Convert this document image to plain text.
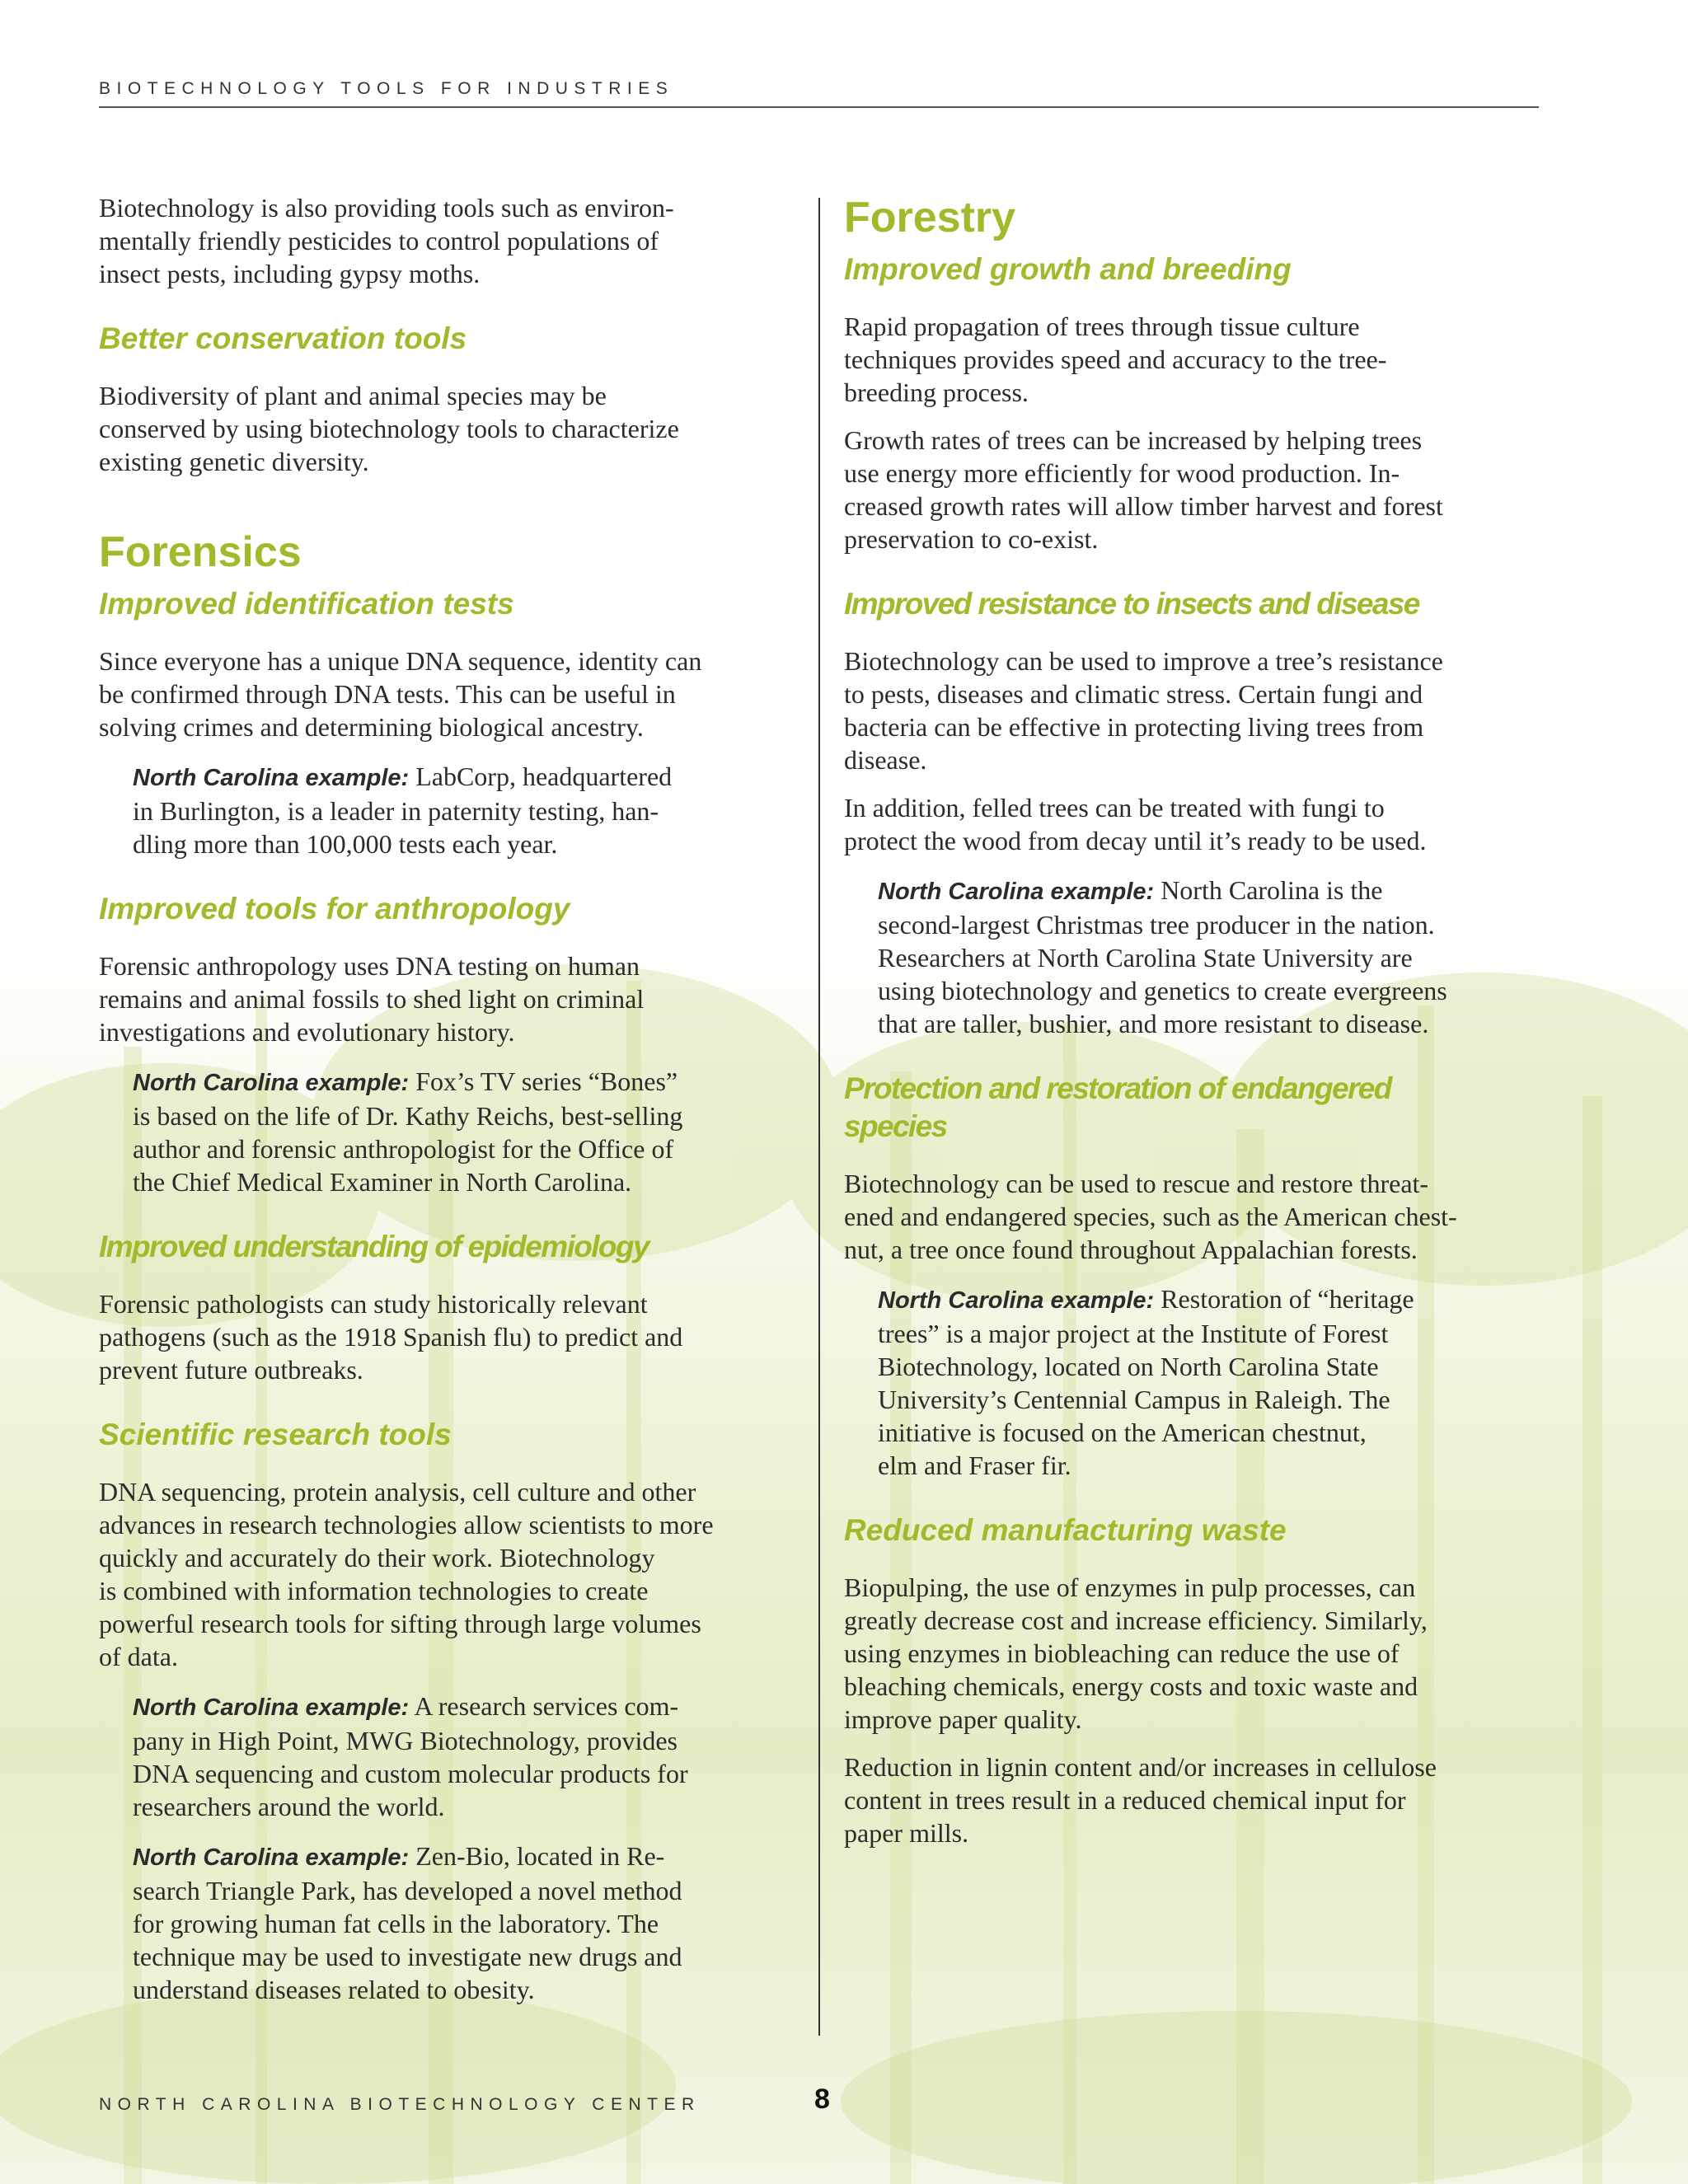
BIOTECHNOLOGY TOOLS FOR INDUSTRIES

Biotechnology is also providing tools such as environ-
mentally friendly pesticides to control populations of
insect pests, including gypsy moths.

Better conservation tools

Biodiversity of plant and animal species may be
conserved by using biotechnology tools to characterize
existing genetic diversity.

Forensics
Improved identification tests

Since everyone has a unique DNA sequence, identity can
be confirmed through DNA tests. This can be useful in
solving crimes and determining biological ancestry.

North Carolina example: LabCorp, headquartered
in Burlington, is a leader in paternity testing, han-
dling more than 100,000 tests each year.

Improved tools for anthropology

Forensic anthropology uses DNA testing on human
remains and animal fossils to shed light on criminal
investigations and evolutionary history.

North Carolina example: Fox’s TV series “Bones”
is based on the life of Dr. Kathy Reichs, best-selling
author and forensic anthropologist for the Office of
the Chief Medical Examiner in North Carolina.

Improved understanding of epidemiology

Forensic pathologists can study historically relevant
pathogens (such as the 1918 Spanish flu) to predict and
prevent future outbreaks.

Scientific research tools

DNA sequencing, protein analysis, cell culture and other
advances in research technologies allow scientists to more
quickly and accurately do their work. Biotechnology
is combined with information technologies to create
powerful research tools for sifting through large volumes
of data.

North Carolina example: A research services com-
pany in High Point, MWG Biotechnology, provides
DNA sequencing and custom molecular products for
researchers around the world.

North Carolina example: Zen-Bio, located in Re-
search Triangle Park, has developed a novel method
for growing human fat cells in the laboratory. The
technique may be used to investigate new drugs and
understand diseases related to obesity.

Forestry
Improved growth and breeding

Rapid propagation of trees through tissue culture
techniques provides speed and accuracy to the tree-
breeding process.

Growth rates of trees can be increased by helping trees
use energy more efficiently for wood production. In-
creased growth rates will allow timber harvest and forest
preservation to co-exist.

Improved resistance to insects and disease

Biotechnology can be used to improve a tree’s resistance
to pests, diseases and climatic stress. Certain fungi and
bacteria can be effective in protecting living trees from
disease.

In addition, felled trees can be treated with fungi to
protect the wood from decay until it’s ready to be used.

North Carolina example: North Carolina is the
second-largest Christmas tree producer in the nation.
Researchers at North Carolina State University are
using biotechnology and genetics to create evergreens
that are taller, bushier, and more resistant to disease.

Protection and restoration of endangered
species

Biotechnology can be used to rescue and restore threat-
ened and endangered species, such as the American chest-
nut, a tree once found throughout Appalachian forests.

North Carolina example: Restoration of “heritage
trees” is a major project at the Institute of Forest
Biotechnology, located on North Carolina State
University’s Centennial Campus in Raleigh. The
initiative is focused on the American chestnut,
elm and Fraser fir.

Reduced manufacturing waste

Biopulping, the use of enzymes in pulp processes, can
greatly decrease cost and increase efficiency. Similarly,
using enzymes in biobleaching can reduce the use of
bleaching chemicals, energy costs and toxic waste and
improve paper quality.

Reduction in lignin content and/or increases in cellulose
content in trees result in a reduced chemical input for
paper mills.

NORTH CAROLINA BIOTECHNOLOGY CENTER	8
